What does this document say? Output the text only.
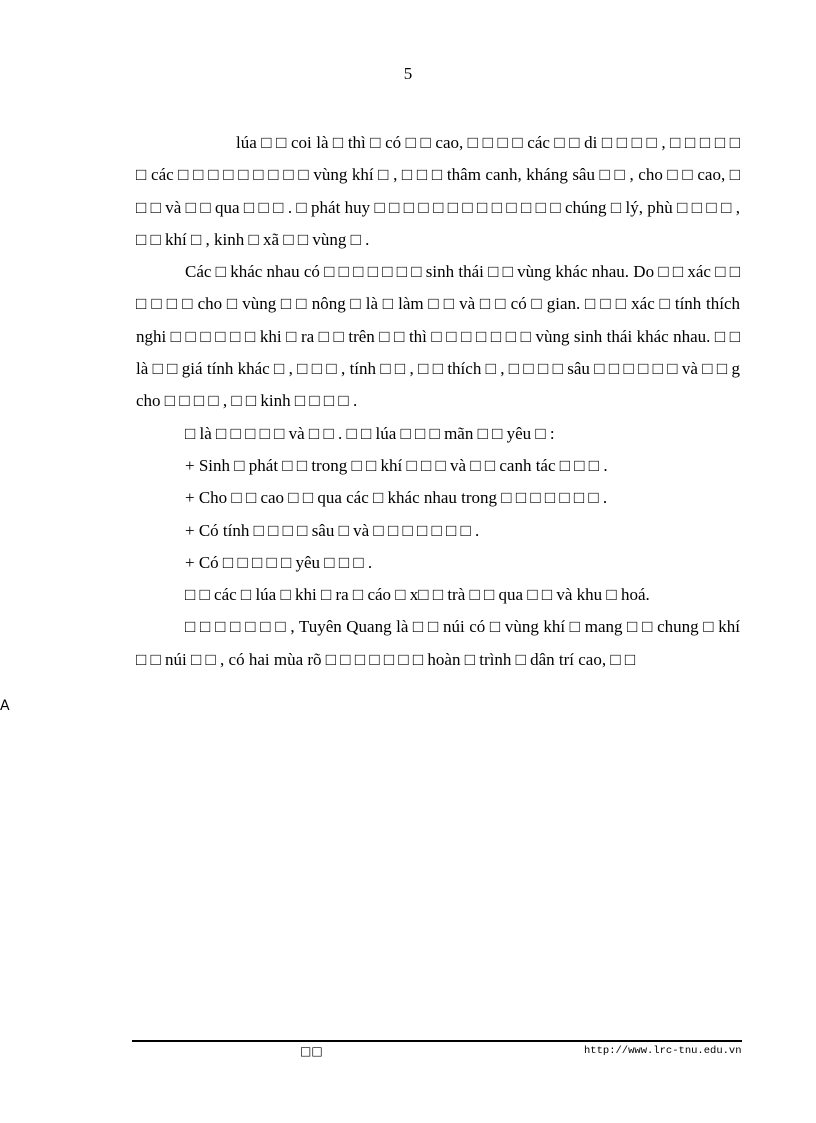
5

lúa □ □ coi là □ thì □ có □ □ cao, □ □ □ □ các □ □ di □ □ □ □ , □ □ □ □ □ □ các □ □ □ □ □ □ □ □ □ vùng khí □ , □ □ □ thâm canh, kháng sâu □ □ , cho □ □ cao, □ □ □ và □ □ qua □ □ □ . □ phát huy □ □ □ □ □ □ □ □ □ □ □ □ □ chúng □ lý, phù □ □ □ □ , □ □ khí □ , kinh □ xã □ □ vùng □ .

Các □ khác nhau có □ □ □ □ □ □ □ sinh thái □ □ vùng khác nhau. Do □ □ xác □ □ □ □ □ □ cho □ vùng □ □ nông □ là □ làm □ □ và □ □ có □ gian. □ □ □ xác □ tính thích nghi □ □ □ □ □ □ khi □ ra □ □ trên □ □ thì □ □ □ □ □ □ □ vùng sinh thái khác nhau. □ □ là □ □ giá tính khác □ , □ □ □ , tính □ □ , □ □ thích □ , □ □ □ □ sâu □ □ □ □ □ □ và □ □ g cho □ □ □ □ , □ □ kinh □ □ □ □ .

□ là □ □ □ □ □ và □ □ . □ □ lúa □ □ □ mãn □ □ yêu □ :

+ Sinh □ phát □ □ trong □ □ khí □ □ □ và □ □ canh tác □ □ □ .

+ Cho □ □ cao □ □ qua các □ khác nhau trong □ □ □ □ □ □ □ .

+ Có tính □ □ □ □ sâu □ và □ □ □ □ □ □ □ .

+ Có □ □ □ □ □ yêu □ □ □ .

□ □ các □ lúa □ khi □ ra □ cáo □ x□ □ trà □ □ qua □ □ và khu □ hoá.

□ □ □ □ □ □ □ , Tuyên Quang là □ □ núi có □ vùng khí □ mang □ □ chung □ khí □ □ núi □ □ , có hai mùa rõ □ □ □ □ □ □ □ hoàn □ trình □ dân trí cao, □ □

A
□□	http://www.lrc-tnu.edu.vn
